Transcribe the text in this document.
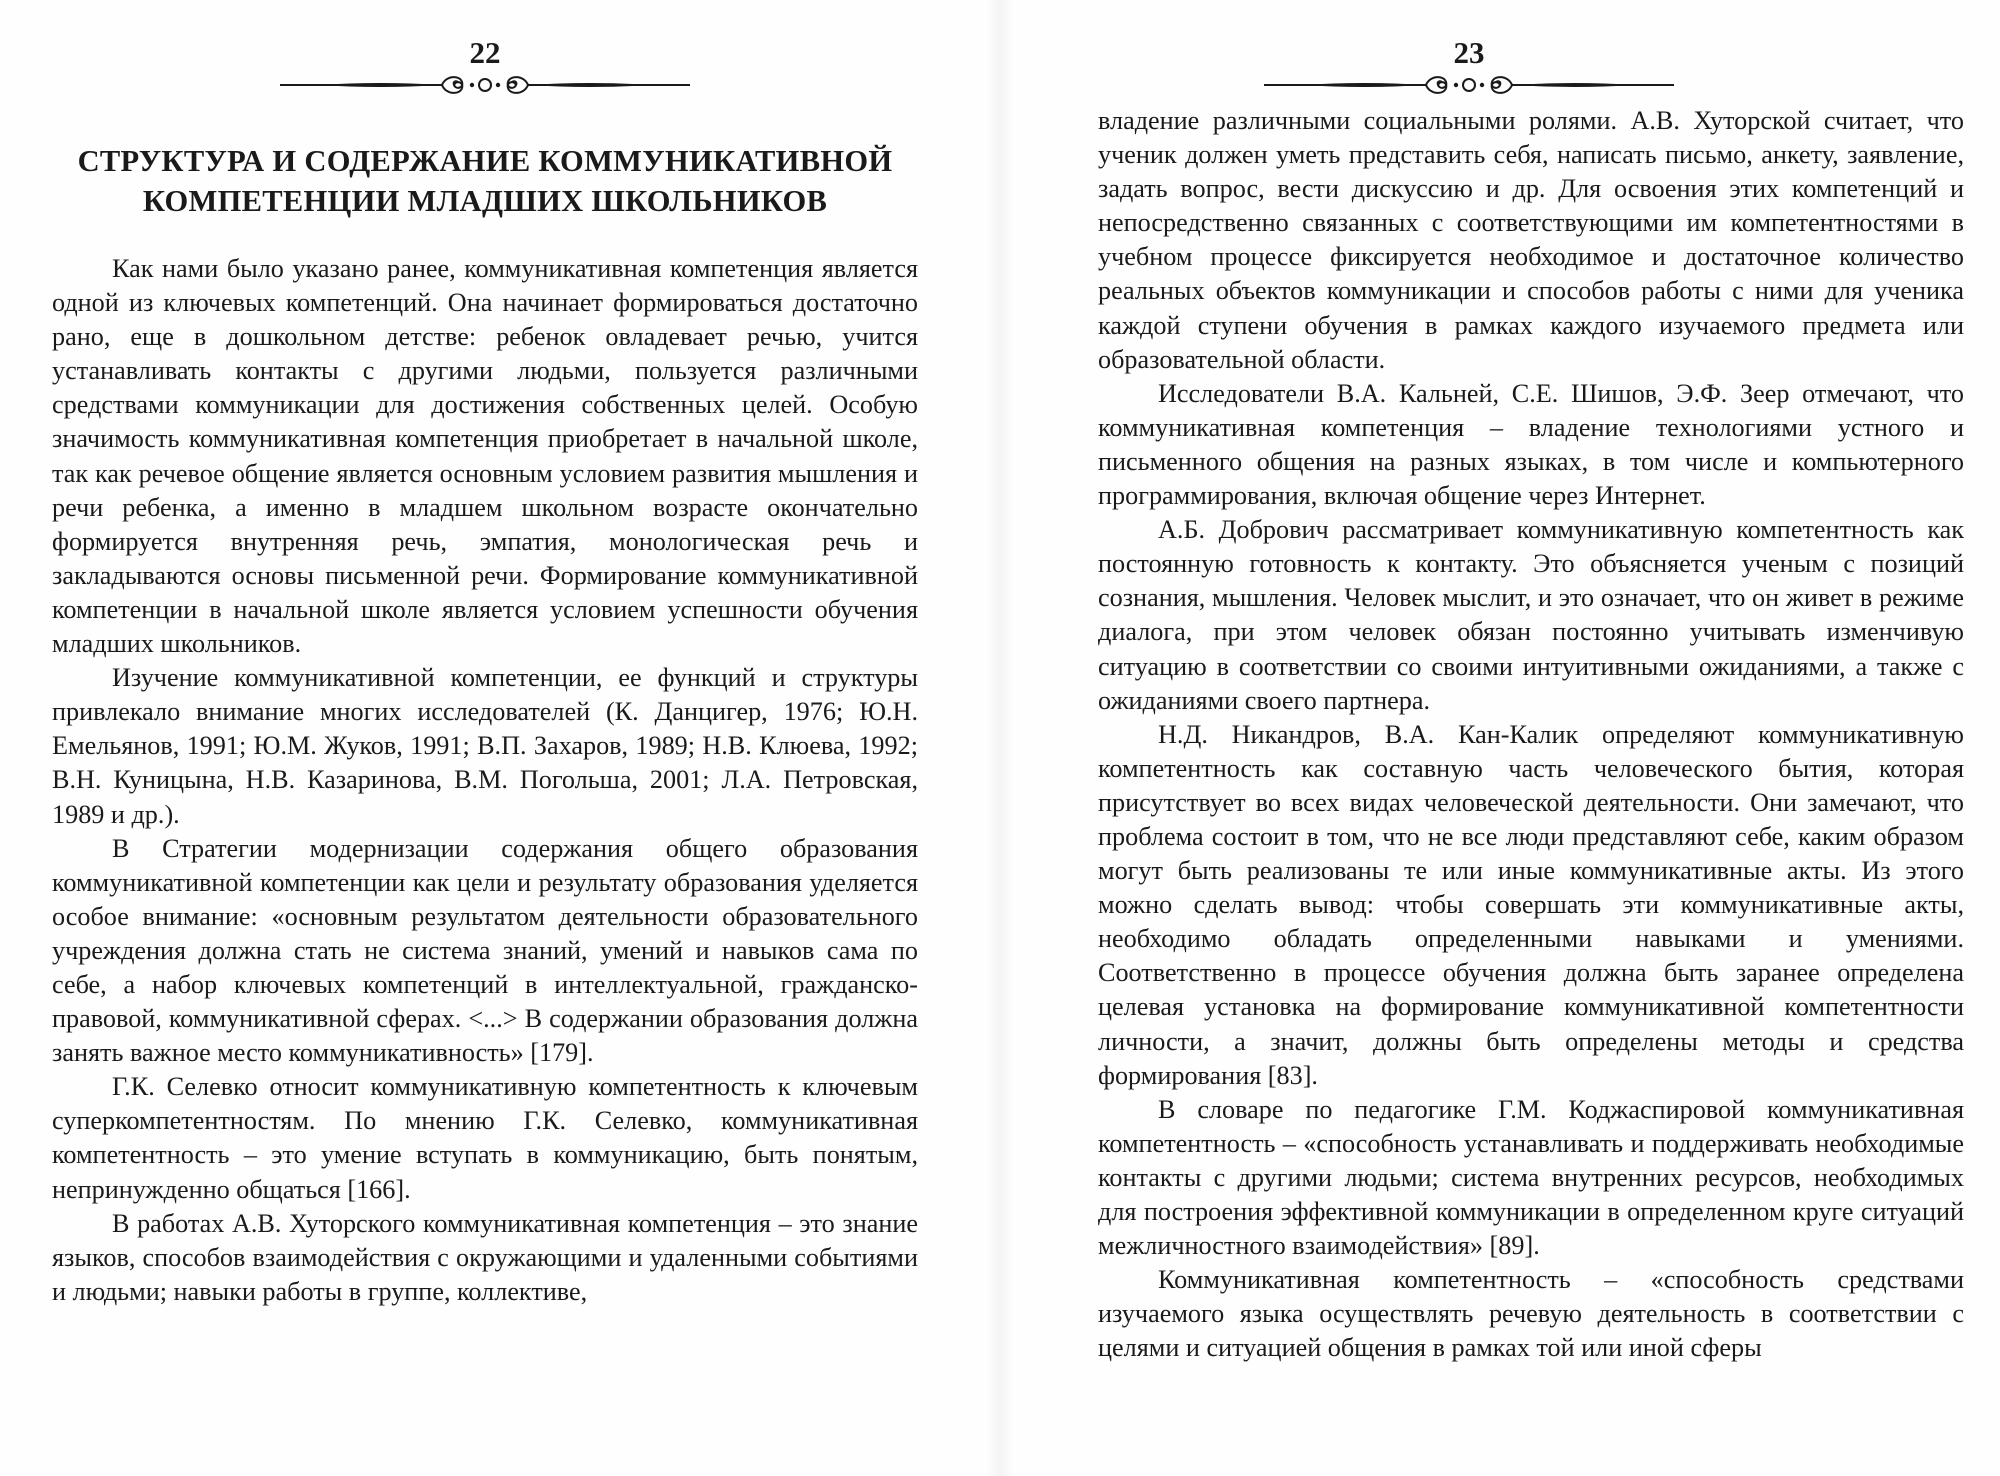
22
СТРУКТУРА И СОДЕРЖАНИЕ КОММУНИКАТИВНОЙ
КОМПЕТЕНЦИИ МЛАДШИХ ШКОЛЬНИКОВ

Как нами было указано ранее, коммуникативная компетенция является одной из ключевых компетенций. Она начинает формироваться достаточно рано, еще в дошкольном детстве: ребенок овладевает речью, учится устанавливать контакты с другими людьми, пользуется различными средствами коммуникации для достижения собственных целей. Особую значимость коммуникативная компетенция приобретает в начальной школе, так как речевое общение является основным условием развития мышления и речи ребенка, а именно в младшем школьном возрасте окончательно формируется внутренняя речь, эмпатия, монологическая речь и закладываются основы письменной речи. Формирование коммуникативной компетенции в начальной школе является условием успешности обучения младших школьников.

Изучение коммуникативной компетенции, ее функций и структуры привлекало внимание многих исследователей (К. Данцигер, 1976; Ю.Н. Емельянов, 1991; Ю.М. Жуков, 1991; В.П. Захаров, 1989; Н.В. Клюева, 1992; В.Н. Куницына, Н.В. Казаринова, В.М. Погольша, 2001; Л.А. Петровская, 1989 и др.).

В Стратегии модернизации содержания общего образования коммуникативной компетенции как цели и результату образования уделяется особое внимание: «основным результатом деятельности образовательного учреждения должна стать не система знаний, умений и навыков сама по себе, а набор ключевых компетенций в интеллектуальной, гражданско-правовой, коммуникативной сферах. <...> В содержании образования должна занять важное место коммуникативность» [179].

Г.К. Селевко относит коммуникативную компетентность к ключевым суперкомпетентностям. По мнению Г.К. Селевко, коммуникативная компетентность – это умение вступать в коммуникацию, быть понятым, непринужденно общаться [166].

В работах А.В. Хуторского коммуникативная компетенция – это знание языков, способов взаимодействия с окружающими и удаленными событиями и людьми; навыки работы в группе, коллективе,

23

владение различными социальными ролями. А.В. Хуторской считает, что ученик должен уметь представить себя, написать письмо, анкету, заявление, задать вопрос, вести дискуссию и др. Для освоения этих компетенций и непосредственно связанных с соответствующими им компетентностями в учебном процессе фиксируется необходимое и достаточное количество реальных объектов коммуникации и способов работы с ними для ученика каждой ступени обучения в рамках каждого изучаемого предмета или образовательной области.

Исследователи В.А. Кальней, С.Е. Шишов, Э.Ф. Зеер отмечают, что коммуникативная компетенция – владение технологиями устного и письменного общения на разных языках, в том числе и компьютерного программирования, включая общение через Интернет.

А.Б. Добрович рассматривает коммуникативную компетентность как постоянную готовность к контакту. Это объясняется ученым с позиций сознания, мышления. Человек мыслит, и это означает, что он живет в режиме диалога, при этом человек обязан постоянно учитывать изменчивую ситуацию в соответствии со своими интуитивными ожиданиями, а также с ожиданиями своего партнера.

Н.Д. Никандров, В.А. Кан-Калик определяют коммуникативную компетентность как составную часть человеческого бытия, которая присутствует во всех видах человеческой деятельности. Они замечают, что проблема состоит в том, что не все люди представляют себе, каким образом могут быть реализованы те или иные коммуникативные акты. Из этого можно сделать вывод: чтобы совершать эти коммуникативные акты, необходимо обладать определенными навыками и умениями. Соответственно в процессе обучения должна быть заранее определена целевая установка на формирование коммуникативной компетентности личности, а значит, должны быть определены методы и средства формирования [83].

В словаре по педагогике Г.М. Коджаспировой коммуникативная компетентность – «способность устанавливать и поддерживать необходимые контакты с другими людьми; система внутренних ресурсов, необходимых для построения эффективной коммуникации в определенном круге ситуаций межличностного взаимодействия» [89].

Коммуникативная компетентность – «способность средствами изучаемого языка осуществлять речевую деятельность в соответствии с целями и ситуацией общения в рамках той или иной сферы
